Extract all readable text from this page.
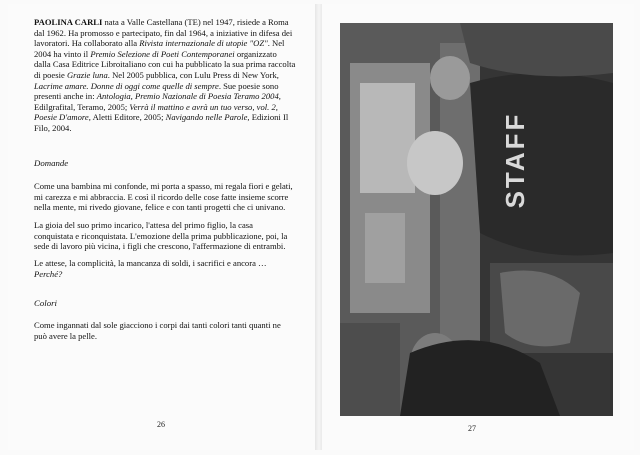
PAOLINA CARLI nata a Valle Castellana (TE) nel 1947, risiede a Roma
dal 1962. Ha promosso e partecipato, fin dal 1964, a iniziative in difesa dei
lavoratori. Ha collaborato alla Rivista internazionale di utopie "OZ". Nel
2004 ha vinto il Premio Selezione di Poeti Contemporanei organizzato
dalla Casa Editrice Libroitaliano con cui ha pubblicato la sua prima raccolta
di poesie Grazie luna. Nel 2005 pubblica, con Lulu Press di New York,
Lacrime amare. Donne di oggi come quelle di sempre. Sue poesie sono
presenti anche in: Antologia, Premio Nazionale di Poesia Teramo 2004,
Edilgrafital, Teramo, 2005; Verrà il mattino e avrà un tuo verso, vol. 2,
Poesie D'amore, Aletti Editore, 2005; Navigando nelle Parole, Edizioni Il
Filo, 2004.
Domande
Come una bambina mi confonde, mi porta a spasso, mi regala fiori e gelati,
mi carezza e mi abbraccia. E così il ricordo delle cose fatte insieme scorre
nella mente, mi rivedo giovane, felice e con tanti progetti che ci univano.
La gioia del suo primo incarico, l'attesa del primo figlio, la casa
conquistata e riconquistata. L'emozione della prima pubblicazione, poi, la
sede di lavoro più vicina, i figli che crescono, l'affermazione di entrambi.
Le attese, la complicità, la mancanza di soldi, i sacrifici e ancora …
Perché?
Colori
Come ingannati dal sole giacciono i corpi dai tanti colori tanti quanti ne
può avere la pelle.
26
STAFF
27
